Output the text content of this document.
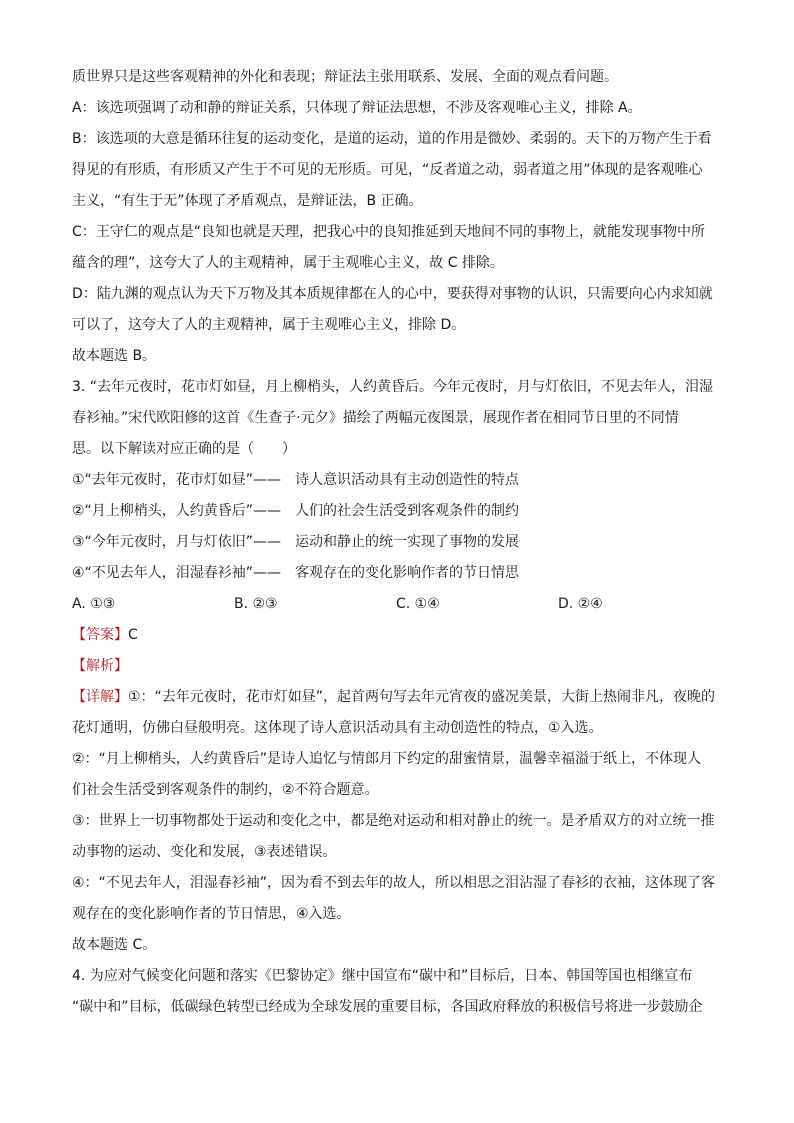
质世界只是这些客观精神的外化和表现；辩证法主张用联系、发展、全面的观点看问题。
A：该选项强调了动和静的辩证关系，只体现了辩证法思想，不涉及客观唯心主义，排除 A。
B：该选项的大意是循环往复的运动变化，是道的运动，道的作用是微妙、柔弱的。天下的万物产生于看
得见的有形质，有形质又产生于不可见的无形质。可见，“反者道之动，弱者道之用”体现的是客观唯心
主义，“有生于无”体现了矛盾观点，是辩证法，B 正确。
C：王守仁的观点是“良知也就是天理，把我心中的良知推延到天地间不同的事物上，就能发现事物中所
蕴含的理”，这夸大了人的主观精神，属于主观唯心主义，故 C 排除。
D：陆九渊的观点认为天下万物及其本质规律都在人的心中，要获得对事物的认识，只需要向心内求知就
可以了，这夸大了人的主观精神，属于主观唯心主义，排除 D。
故本题选 B。
3. “去年元夜时，花市灯如昼，月上柳梢头，人约黄昏后。今年元夜时，月与灯依旧，不见去年人，泪湿
春衫袖。”宋代欧阳修的这首《生查子·元夕》描绘了两幅元夜图景，展现作者在相同节日里的不同情
思。以下解读对应正确的是（　　）
①“去年元夜时，花市灯如昼”——　诗人意识活动具有主动创造性的特点
②“月上柳梢头，人约黄昏后”——　人们的社会生活受到客观条件的制约
③“今年元夜时，月与灯依旧”——　运动和静止的统一实现了事物的发展
④“不见去年人，泪湿春衫袖”——　客观存在的变化影响作者的节日情思
A. ①③	B. ②③	C. ①④	D. ②④
【答案】C
【解析】
【详解】①：“去年元夜时，花市灯如昼”，起首两句写去年元宵夜的盛况美景，大街上热闹非凡，夜晚的
花灯通明，仿佛白昼般明亮。这体现了诗人意识活动具有主动创造性的特点，①入选。
②：“月上柳梢头，人约黄昏后”是诗人追忆与情郎月下约定的甜蜜情景，温馨幸福溢于纸上，不体现人
们社会生活受到客观条件的制约，②不符合题意。
③：世界上一切事物都处于运动和变化之中，都是绝对运动和相对静止的统一。是矛盾双方的对立统一推
动事物的运动、变化和发展，③表述错误。
④：“不见去年人，泪湿春衫袖”，因为看不到去年的故人，所以相思之泪沾湿了春衫的衣袖，这体现了客
观存在的变化影响作者的节日情思，④入选。
故本题选 C。
4. 为应对气候变化问题和落实《巴黎协定》继中国宣布“碳中和”目标后，日本、韩国等国也相继宣布
“碳中和”目标，低碳绿色转型已经成为全球发展的重要目标，各国政府释放的积极信号将进一步鼓励企
